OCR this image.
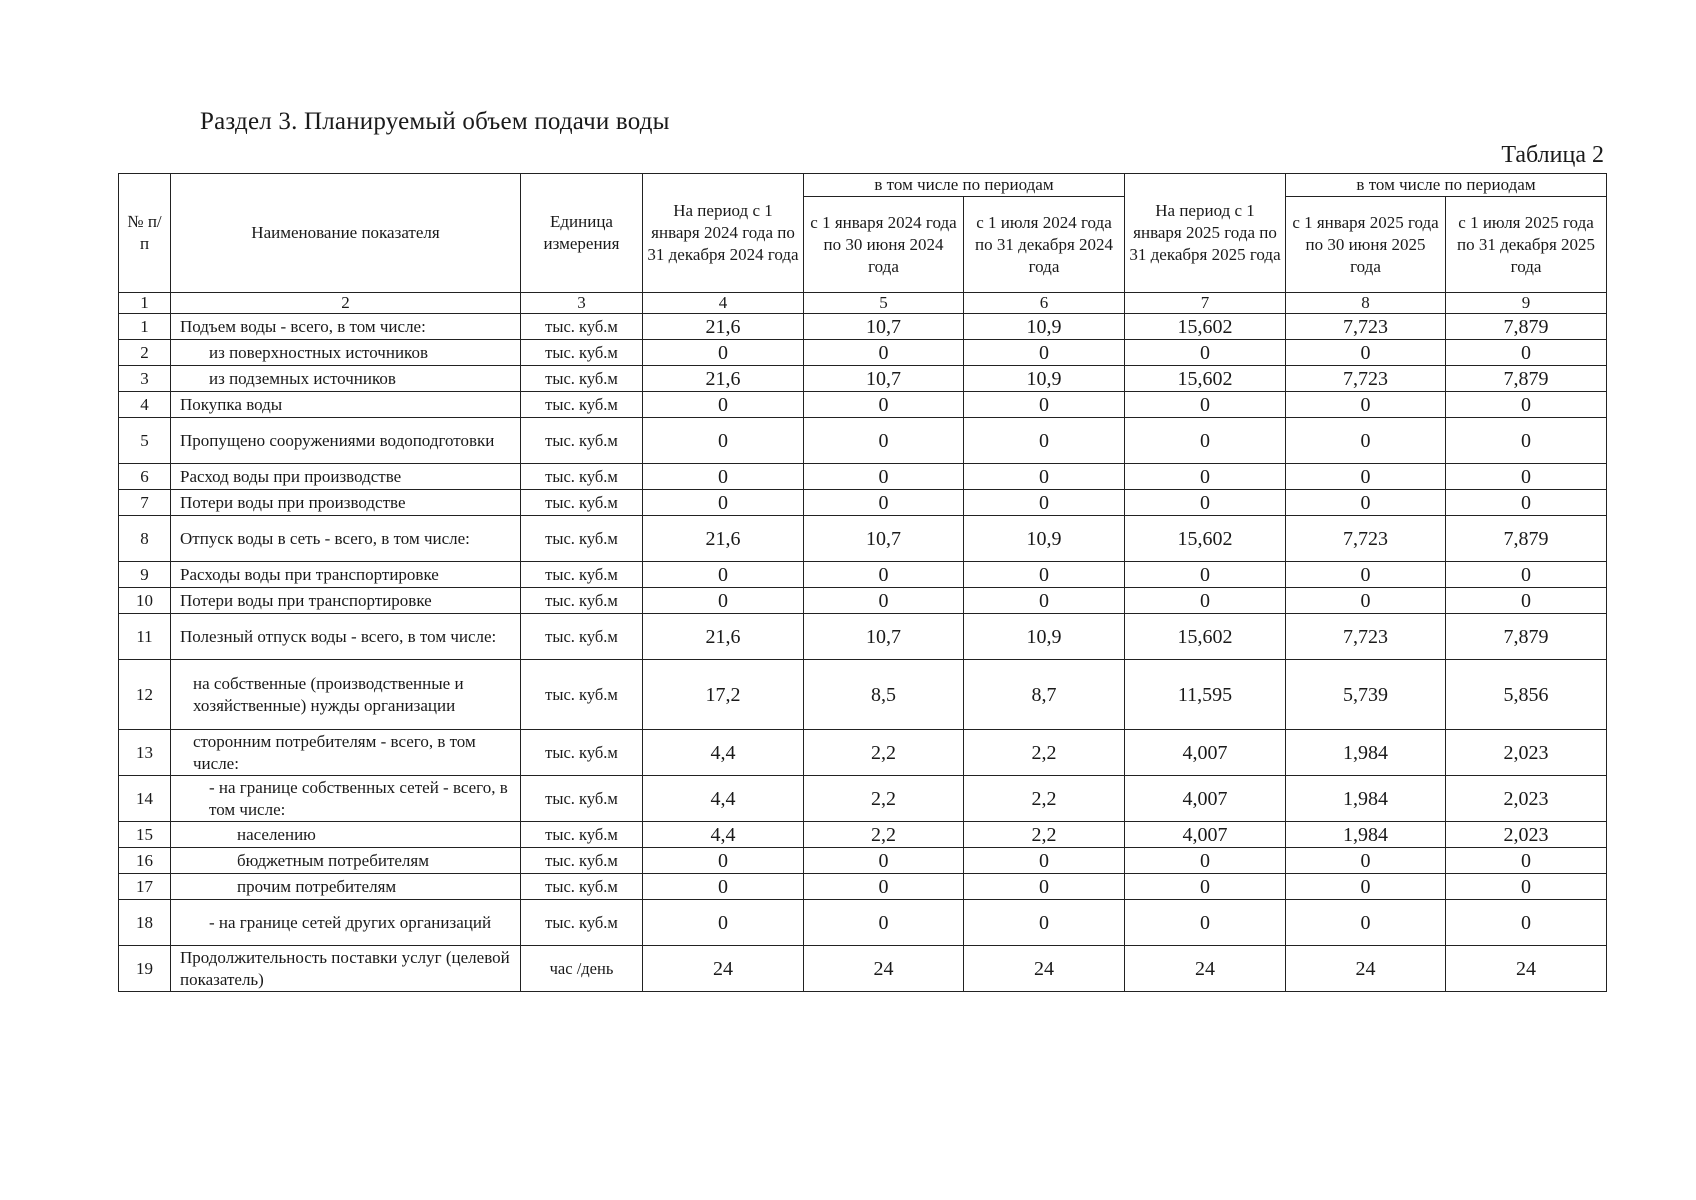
Раздел 3. Планируемый объем подачи воды
Таблица 2
№ п/п	Наименование показателя	Единица измерения	На период с 1 января 2024 года по 31 декабря 2024 года	в том числе по периодам		На период с 1 января 2025 года по 31 декабря 2025 года	в том числе по периодам	
				с 1 января 2024 года по 30 июня 2024 года	с 1 июля 2024 года по 31 декабря 2024 года		с 1 января 2025 года по 30 июня 2025 года	с 1 июля 2025 года по 31 декабря 2025 года
1	2	3	4	5	6	7	8	9
1	Подъем воды - всего, в том числе:	тыс. куб.м	21,6	10,7	10,9	15,602	7,723	7,879
2	из поверхностных источников	тыс. куб.м	0	0	0	0	0	0
3	из подземных источников	тыс. куб.м	21,6	10,7	10,9	15,602	7,723	7,879
4	Покупка воды	тыс. куб.м	0	0	0	0	0	0
5	Пропущено сооружениями водоподготовки	тыс. куб.м	0	0	0	0	0	0
6	Расход воды при производстве	тыс. куб.м	0	0	0	0	0	0
7	Потери воды при производстве	тыс. куб.м	0	0	0	0	0	0
8	Отпуск воды в сеть - всего, в том числе:	тыс. куб.м	21,6	10,7	10,9	15,602	7,723	7,879
9	Расходы воды при транспортировке	тыс. куб.м	0	0	0	0	0	0
10	Потери воды при транспортировке	тыс. куб.м	0	0	0	0	0	0
11	Полезный отпуск воды - всего, в том числе:	тыс. куб.м	21,6	10,7	10,9	15,602	7,723	7,879
12	на собственные (производственные и хозяйственные) нужды организации	тыс. куб.м	17,2	8,5	8,7	11,595	5,739	5,856
13	сторонним потребителям - всего, в том числе:	тыс. куб.м	4,4	2,2	2,2	4,007	1,984	2,023
14	- на границе собственных сетей - всего, в том числе:	тыс. куб.м	4,4	2,2	2,2	4,007	1,984	2,023
15	населению	тыс. куб.м	4,4	2,2	2,2	4,007	1,984	2,023
16	бюджетным потребителям	тыс. куб.м	0	0	0	0	0	0
17	прочим потребителям	тыс. куб.м	0	0	0	0	0	0
18	- на границе сетей других организаций	тыс. куб.м	0	0	0	0	0	0
19	Продолжительность поставки услуг (целевой показатель)	час /день	24	24	24	24	24	24
